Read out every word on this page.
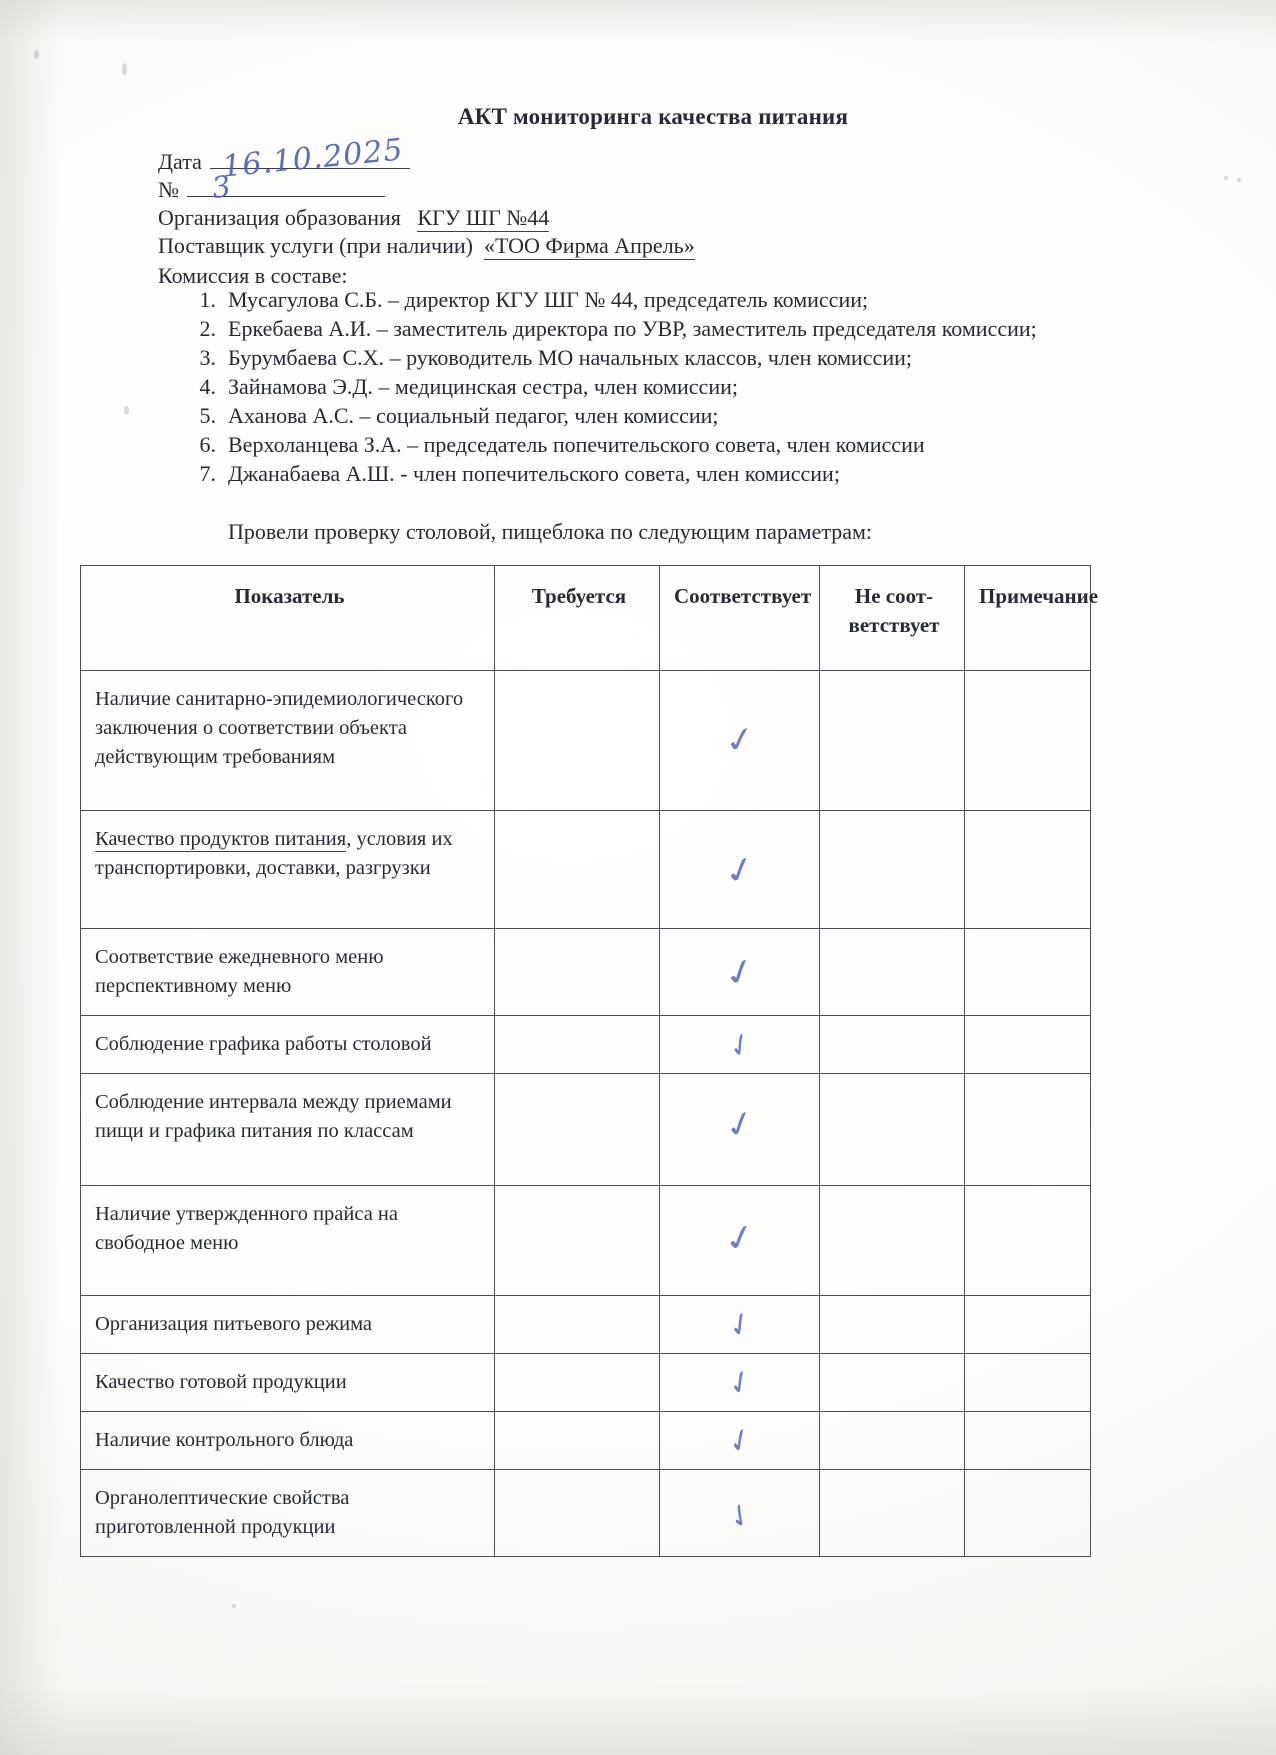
АКТ мониторинга качества питания
Дата
№
Организация образования КГУ ШГ №44
Поставщик услуги (при наличии) «ТОО Фирма Апрель»
Комиссия в составе:
16.10.2025
3
1. Мусагулова С.Б. – директор КГУ ШГ № 44, председатель комиссии;
2. Еркебаева А.И. – заместитель директора по УВР, заместитель председателя комиссии;
3. Бурумбаева С.Х. – руководитель МО начальных классов, член комиссии;
4. Зайнамова Э.Д. – медицинская сестра, член комиссии;
5. Аханова А.С. – социальный педагог, член комиссии;
6. Верхоланцева З.А. – председатель попечительского совета, член комиссии
7. Джанабаева А.Ш. - член попечительского совета, член комиссии;
Провели проверку столовой, пищеблока по следующим параметрам:
Показатель	Требуется	Соответствует	Не соот-ветствует	Примечание
Наличие санитарно-эпидемиологического заключения о соответствии объекта действующим требованиям		✓		

Качество продуктов питания, условия их транспортировки, доставки, разгрузки		✓		

Соответствие ежедневного меню перспективному меню		✓		

Соблюдение графика работы столовой		✓		

Соблюдение интервала между приемами пищи и графика питания по классам		✓		

Наличие утвержденного прайса на свободное меню		✓		

Организация питьевого режима		✓		

Качество готовой продукции		✓		

Наличие контрольного блюда		✓		

Органолептические свойства приготовленной продукции		✓		
